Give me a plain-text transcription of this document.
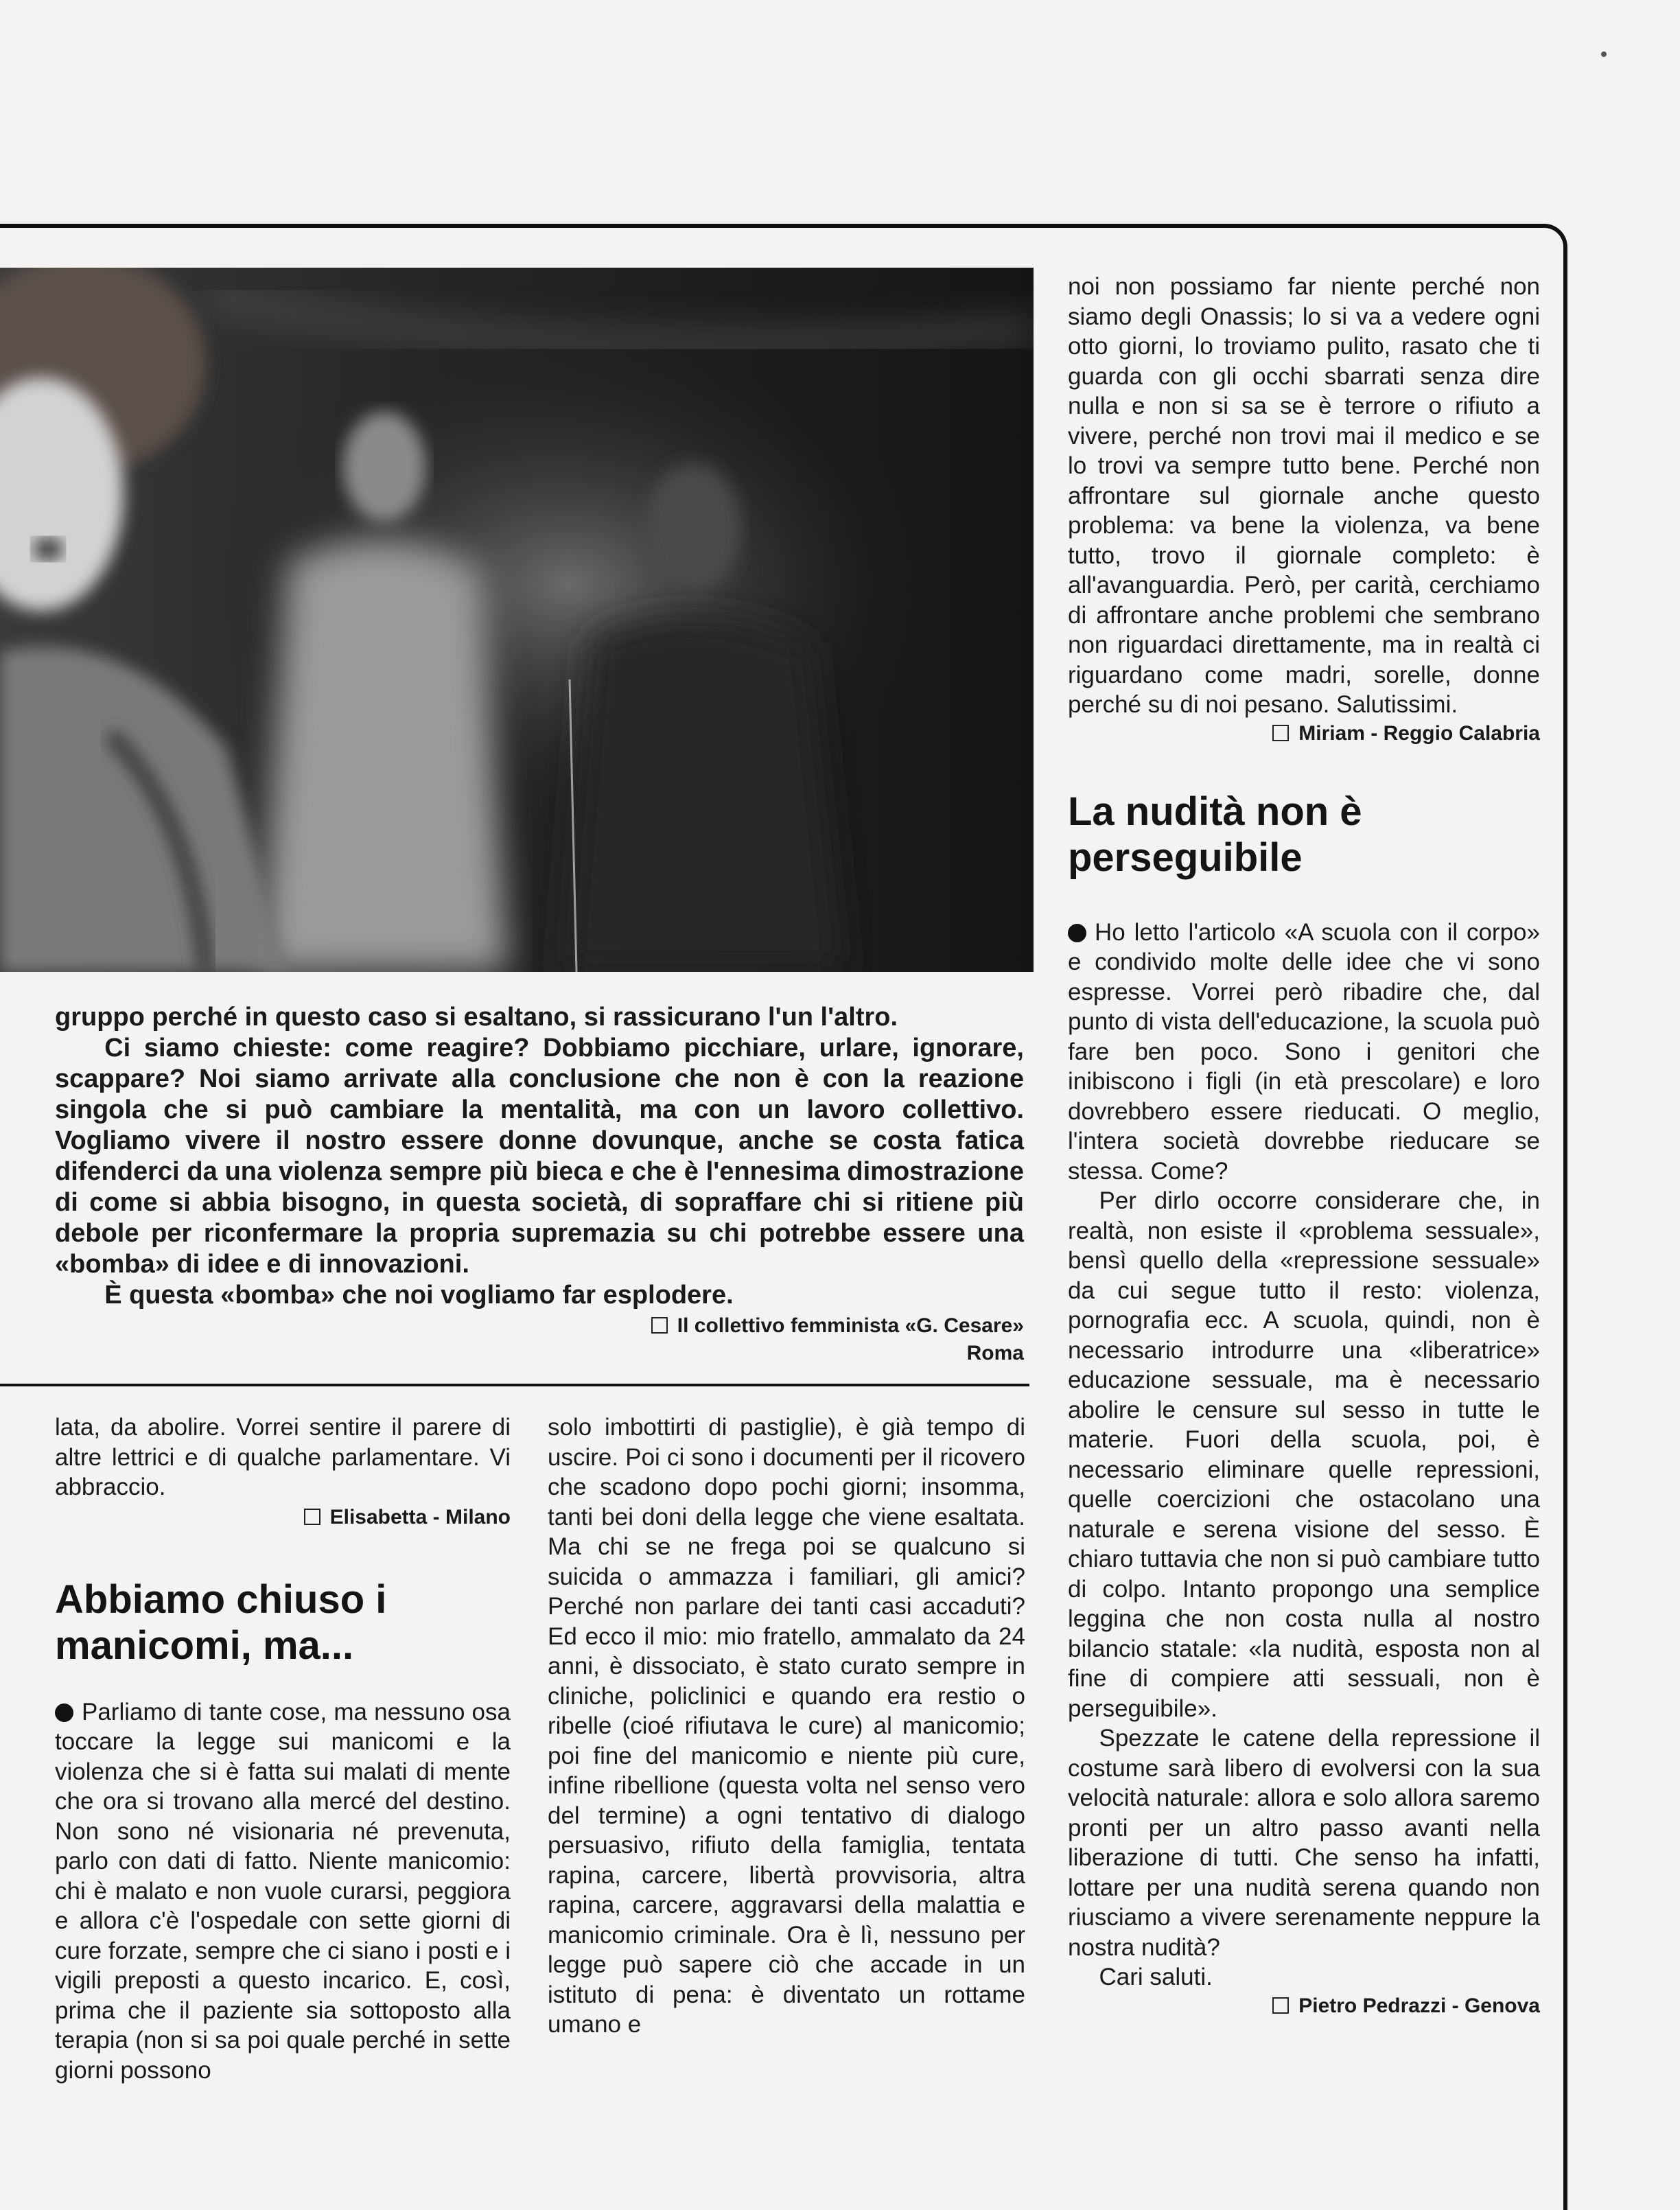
gruppo perché in questo caso si esaltano, si rassicurano l'un l'altro.

Ci siamo chieste: come reagire? Dobbiamo picchiare, urlare, ignorare, scappare? Noi siamo arrivate alla conclusione che non è con la reazione singola che si può cambiare la mentalità, ma con un lavoro collettivo. Vogliamo vivere il nostro essere donne dovunque, anche se costa fatica difenderci da una violenza sempre più bieca e che è l'ennesima dimostrazione di come si abbia bisogno, in questa società, di sopraffare chi si ritiene più debole per riconfermare la propria supremazia su chi potrebbe essere una «bomba» di idee e di innovazioni.

È questa «bomba» che noi vogliamo far esplodere.

Il collettivo femminista «G. Cesare»
Roma

lata, da abolire. Vorrei sentire il parere di altre lettrici e di qualche parlamentare. Vi abbraccio.

Elisabetta - Milano
Abbiamo chiuso i
manicomi, ma...

Parliamo di tante cose, ma nessuno osa toccare la legge sui manicomi e la violenza che si è fatta sui malati di mente che ora si trovano alla mercé del destino. Non sono né visionaria né prevenuta, parlo con dati di fatto. Niente manicomio: chi è malato e non vuole curarsi, peggiora e allora c'è l'ospedale con sette giorni di cure forzate, sempre che ci siano i posti e i vigili preposti a questo incarico. E, così, prima che il paziente sia sottoposto alla terapia (non si sa poi quale perché in sette giorni possono

solo imbottirti di pastiglie), è già tempo di uscire. Poi ci sono i documenti per il ricovero che scadono dopo pochi giorni; insomma, tanti bei doni della legge che viene esaltata. Ma chi se ne frega poi se qualcuno si suicida o ammazza i familiari, gli amici? Perché non parlare dei tanti casi accaduti? Ed ecco il mio: mio fratello, ammalato da 24 anni, è dissociato, è stato curato sempre in cliniche, policlinici e quando era restio o ribelle (cioé rifiutava le cure) al manicomio; poi fine del manicomio e niente più cure, infine ribellione (questa volta nel senso vero del termine) a ogni tentativo di dialogo persuasivo, rifiuto della famiglia, tentata rapina, carcere, libertà provvisoria, altra rapina, carcere, aggravarsi della malattia e manicomio criminale. Ora è lì, nessuno per legge può sapere ciò che accade in un istituto di pena: è diventato un rottame umano e

noi non possiamo far niente perché non siamo degli Onassis; lo si va a vedere ogni otto giorni, lo troviamo pulito, rasato che ti guarda con gli occhi sbarrati senza dire nulla e non si sa se è terrore o rifiuto a vivere, perché non trovi mai il medico e se lo trovi va sempre tutto bene. Perché non affrontare sul giornale anche questo problema: va bene la violenza, va bene tutto, trovo il giornale completo: è all'avanguardia. Però, per carità, cerchiamo di affrontare anche problemi che sembrano non riguardaci direttamente, ma in realtà ci riguardano come madri, sorelle, donne perché su di noi pesano. Salutissimi.

Miriam - Reggio Calabria
La nudità non è
perseguibile

Ho letto l'articolo «A scuola con il corpo» e condivido molte delle idee che vi sono espresse. Vorrei però ribadire che, dal punto di vista dell'educazione, la scuola può fare ben poco. Sono i genitori che inibiscono i figli (in età prescolare) e loro dovrebbero essere rieducati. O meglio, l'intera società dovrebbe rieducare se stessa. Come?

Per dirlo occorre considerare che, in realtà, non esiste il «problema sessuale», bensì quello della «repressione sessuale» da cui segue tutto il resto: violenza, pornografia ecc. A scuola, quindi, non è necessario introdurre una «liberatrice» educazione sessuale, ma è necessario abolire le censure sul sesso in tutte le materie. Fuori della scuola, poi, è necessario eliminare quelle repressioni, quelle coercizioni che ostacolano una naturale e serena visione del sesso. È chiaro tuttavia che non si può cambiare tutto di colpo. Intanto propongo una semplice leggina che non costa nulla al nostro bilancio statale: «la nudità, esposta non al fine di compiere atti sessuali, non è perseguibile».

Spezzate le catene della repressione il costume sarà libero di evolversi con la sua velocità naturale: allora e solo allora saremo pronti per un altro passo avanti nella liberazione di tutti. Che senso ha infatti, lottare per una nudità serena quando non riusciamo a vivere serenamente neppure la nostra nudità?

Cari saluti.

Pietro Pedrazzi - Genova
